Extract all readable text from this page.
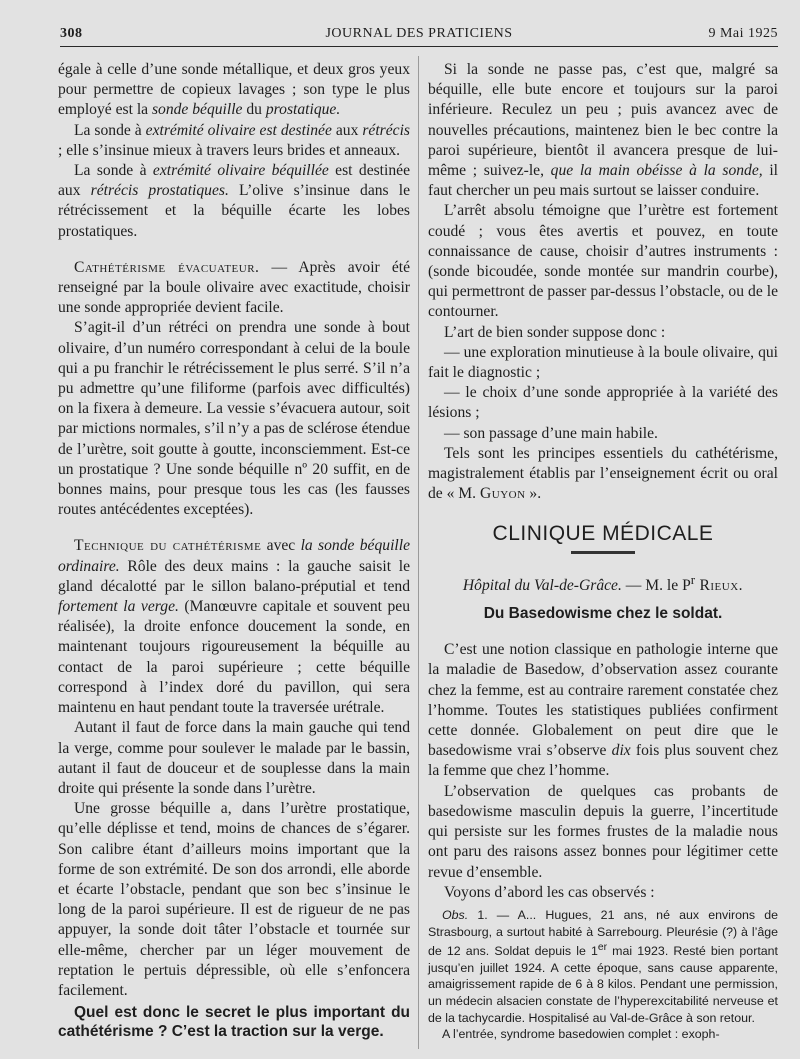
308	JOURNAL DES PRATICIENS	9 Mai 1925

égale à celle d’une sonde métallique, et deux gros yeux pour permettre de copieux lavages ; son type le plus employé est la sonde béquille du prostatique.

La sonde à extrémité olivaire est destinée aux rétrécis ; elle s’insinue mieux à travers leurs brides et anneaux.

La sonde à extrémité olivaire béquillée est destinée aux rétrécis prostatiques. L’olive s’insinue dans le rétrécissement et la béquille écarte les lobes prostatiques.

Cathétérisme évacuateur. — Après avoir été renseigné par la boule olivaire avec exactitude, choisir une sonde appropriée devient facile.

S’agit-il d’un rétréci on prendra une sonde à bout olivaire, d’un numéro correspondant à celui de la boule qui a pu franchir le rétrécissement le plus serré. S’il n’a pu admettre qu’une filiforme (parfois avec difficultés) on la fixera à demeure. La vessie s’évacuera autour, soit par mictions normales, s’il n’y a pas de sclérose étendue de l’urètre, soit goutte à goutte, inconsciemment. Est-ce un prostatique ? Une sonde béquille nº 20 suffit, en de bonnes mains, pour presque tous les cas (les fausses routes antécédentes exceptées).

Technique du cathétérisme avec la sonde béquille ordinaire. Rôle des deux mains : la gauche saisit le gland décalotté par le sillon balano-préputial et tend fortement la verge. (Manœuvre capitale et souvent peu réalisée), la droite enfonce doucement la sonde, en maintenant toujours rigoureusement la béquille au contact de la paroi supérieure ; cette béquille correspond à l’index doré du pavillon, qui sera maintenu en haut pendant toute la traversée urétrale.

Autant il faut de force dans la main gauche qui tend la verge, comme pour soulever le malade par le bassin, autant il faut de douceur et de souplesse dans la main droite qui présente la sonde dans l’urètre.

Une grosse béquille a, dans l’urètre prostatique, qu’elle déplisse et tend, moins de chances de s’égarer. Son calibre étant d’ailleurs moins important que la forme de son extrémité. De son dos arrondi, elle aborde et écarte l’obstacle, pendant que son bec s’insinue le long de la paroi supérieure. Il est de rigueur de ne pas appuyer, la sonde doit tâter l’obstacle et tournée sur elle-même, chercher par un léger mouvement de reptation le pertuis dépressible, où elle s’enfoncera facilement.

Quel est donc le secret le plus important du cathétérisme ? C’est la traction sur la verge.

Si la sonde ne passe pas, c’est que, malgré sa béquille, elle bute encore et toujours sur la paroi inférieure. Reculez un peu ; puis avancez avec de nouvelles précautions, maintenez bien le bec contre la paroi supérieure, bientôt il avancera presque de lui-même ; suivez-le, que la main obéisse à la sonde, il faut chercher un peu mais surtout se laisser conduire.

L’arrêt absolu témoigne que l’urètre est fortement coudé ; vous êtes avertis et pouvez, en toute connaissance de cause, choisir d’autres instruments : (sonde bicoudée, sonde montée sur mandrin courbe), qui permettront de passer par-dessus l’obstacle, ou de le contourner.

L’art de bien sonder suppose donc :

— une exploration minutieuse à la boule olivaire, qui fait le diagnostic ;

— le choix d’une sonde appropriée à la variété des lésions ;

— son passage d’une main habile.

Tels sont les principes essentiels du cathétérisme, magistralement établis par l’enseignement écrit ou oral de « M. Guyon ».

CLINIQUE MÉDICALE

Hôpital du Val-de-Grâce. — M. le $P^r$ Rieux.

Du Basedowisme chez le soldat.

C’est une notion classique en pathologie interne que la maladie de Basedow, d’observation assez courante chez la femme, est au contraire rarement constatée chez l’homme. Toutes les statistiques publiées confirment cette donnée. Globalement on peut dire que le basedowisme vrai s’observe dix fois plus souvent chez la femme que chez l’homme.

L’observation de quelques cas probants de basedowisme masculin depuis la guerre, l’incertitude qui persiste sur les formes frustes de la maladie nous ont paru des raisons assez bonnes pour légitimer cette revue d’ensemble.

Voyons d’abord les cas observés :

Obs. 1. — A... Hugues, 21 ans, né aux environs de Strasbourg, a surtout habité à Sarrebourg. Pleurésie (?) à l’âge de 12 ans. Soldat depuis le 1er mai 1923. Resté bien portant jusqu’en juillet 1924. A cette époque, sans cause apparente, amaigrissement rapide de 6 à 8 kilos. Pendant une permission, un médecin alsacien constate de l’hyperexcitabilité nerveuse et de la tachycardie. Hospitalisé au Val-de-Grâce à son retour.

A l’entrée, syndrome basedowien complet : exoph-
